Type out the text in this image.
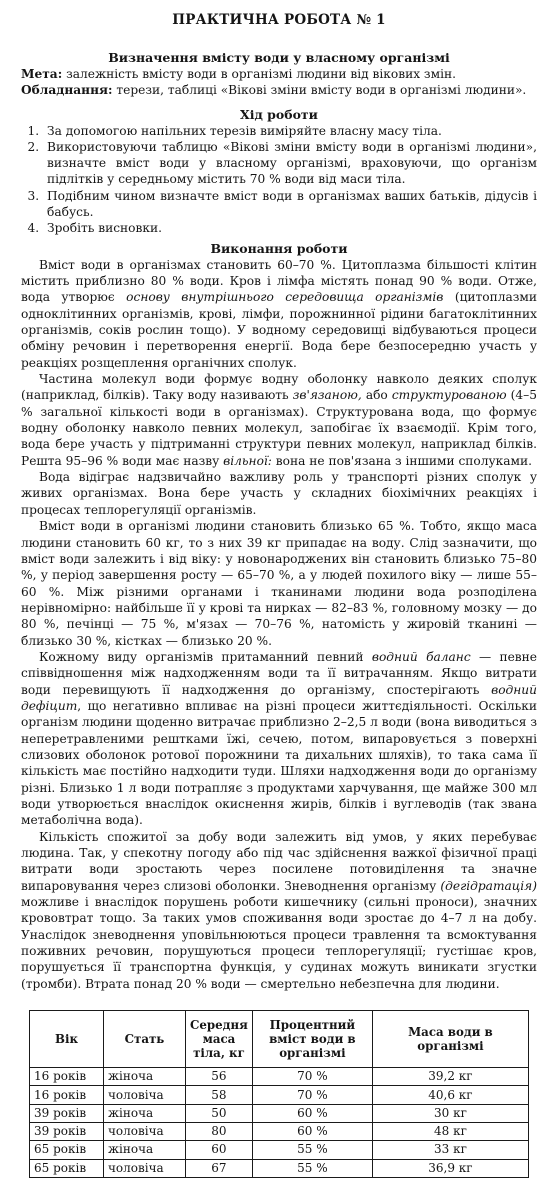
ПРАКТИЧНА РОБОТА № 1
Визначення вмісту води у власному організмі

Мета: залежність вмісту води в організмі людини від вікових змін.

Обладнання: терези, таблиці «Вікові зміни вмісту води в організмі людини».

Хід роботи
1. За допомогою напільних терезів виміряйте власну масу тіла.
2. Використовуючи таблицю «Вікові зміни вмісту води в організмі людини», визначте вміст води у власному організмі, враховуючи, що організм підлітків у середньому містить 70 % води від маси тіла.
3. Подібним чином визначте вміст води в організмах ваших батьків, дідусів і бабусь.
4. Зробіть висновки.
Виконання роботи

Вміст води в організмах становить 60–70 %. Цитоплазма більшості клітин містить приблизно 80 % води. Кров і лімфа містять понад 90 % води. Отже, вода утворює основу внутрішнього середовища організмів (цитоплазми одноклітинних організмів, крові, лімфи, порожнинної рідини багатоклітинних організмів, соків рослин тощо). У водному середовищі відбуваються процеси обміну речовин і перетворення енергії. Вода бере безпосередню участь у реакціях розщеплення органічних сполук.

Частина молекул води формує водну оболонку навколо деяких сполук (наприклад, білків). Таку воду називають зв'язаною, або структурованою (4–5 % загальної кількості води в організмах). Структурована вода, що формує водну оболонку навколо певних молекул, запобігає їх взаємодії. Крім того, вода бере участь у підтриманні структури певних молекул, наприклад білків. Решта 95–96 % води має назву вільної: вона не пов'язана з іншими сполуками.

Вода відіграє надзвичайно важливу роль у транспорті різних сполук у живих організмах. Вона бере участь у складних біохімічних реакціях і процесах теплорегуляції організмів.

Вміст води в організмі людини становить близько 65 %. Тобто, якщо маса людини становить 60 кг, то з них 39 кг припадає на воду. Слід зазначити, що вміст води залежить і від віку: у новонароджених він становить близько 75–80 %, у період завершення росту — 65–70 %, а у людей похилого віку — лише 55–60 %. Між різними органами і тканинами людини вода розподілена нерівномірно: найбільше її у крові та нирках — 82–83 %, головному мозку — до 80 %, печінці — 75 %, м'язах — 70–76 %, натомість у жировій тканині — близько 30 %, кістках — близько 20 %.

Кожному виду організмів притаманний певний водний баланс — певне співвідношення між надходженням води та її витрачанням. Якщо витрати води перевищують її надходження до організму, спостерігають водний дефіцит, що негативно впливає на різні процеси життєдіяльності. Оскільки організм людини щоденно витрачає приблизно 2–2,5 л води (вона виводиться з неперетравленими рештками їжі, сечею, потом, випаровується з поверхні слизових оболонок ротової порожнини та дихальних шляхів), то така сама її кількість має постійно надходити туди. Шляхи надходження води до організму різні. Близько 1 л води потрапляє з продуктами харчування, ще майже 300 мл води утворюється внаслідок окиснення жирів, білків і вуглеводів (так звана метаболічна вода).

Кількість спожитої за добу води залежить від умов, у яких перебуває людина. Так, у спекотну погоду або під час здійснення важкої фізичної праці витрати води зростають через посилене потовиділення та значне випаровування через слизові оболонки. Зневоднення організму (дегідратація) можливе і внаслідок порушень роботи кишечнику (сильні проноси), значних крововтрат тощо. За таких умов споживання води зростає до 4–7 л на добу. Унаслідок зневоднення уповільнюються процеси травлення та всмоктування поживних речовин, порушуються процеси теплорегуляції; густішає кров, порушується її транспортна функція, у судинах можуть виникати згустки (тромби). Втрата понад 20 % води — смертельно небезпечна для людини.

Вік	Стать	Середня маса тіла, кг	Процентний вміст води в організмі	Маса води в організмі
16 років	жіноча	56	70 %	39,2 кг
16 років	чоловіча	58	70 %	40,6 кг
39 років	жіноча	50	60 %	30 кг
39 років	чоловіча	80	60 %	48 кг
65 років	жіноча	60	55 %	33 кг
65 років	чоловіча	67	55 %	36,9 кг
